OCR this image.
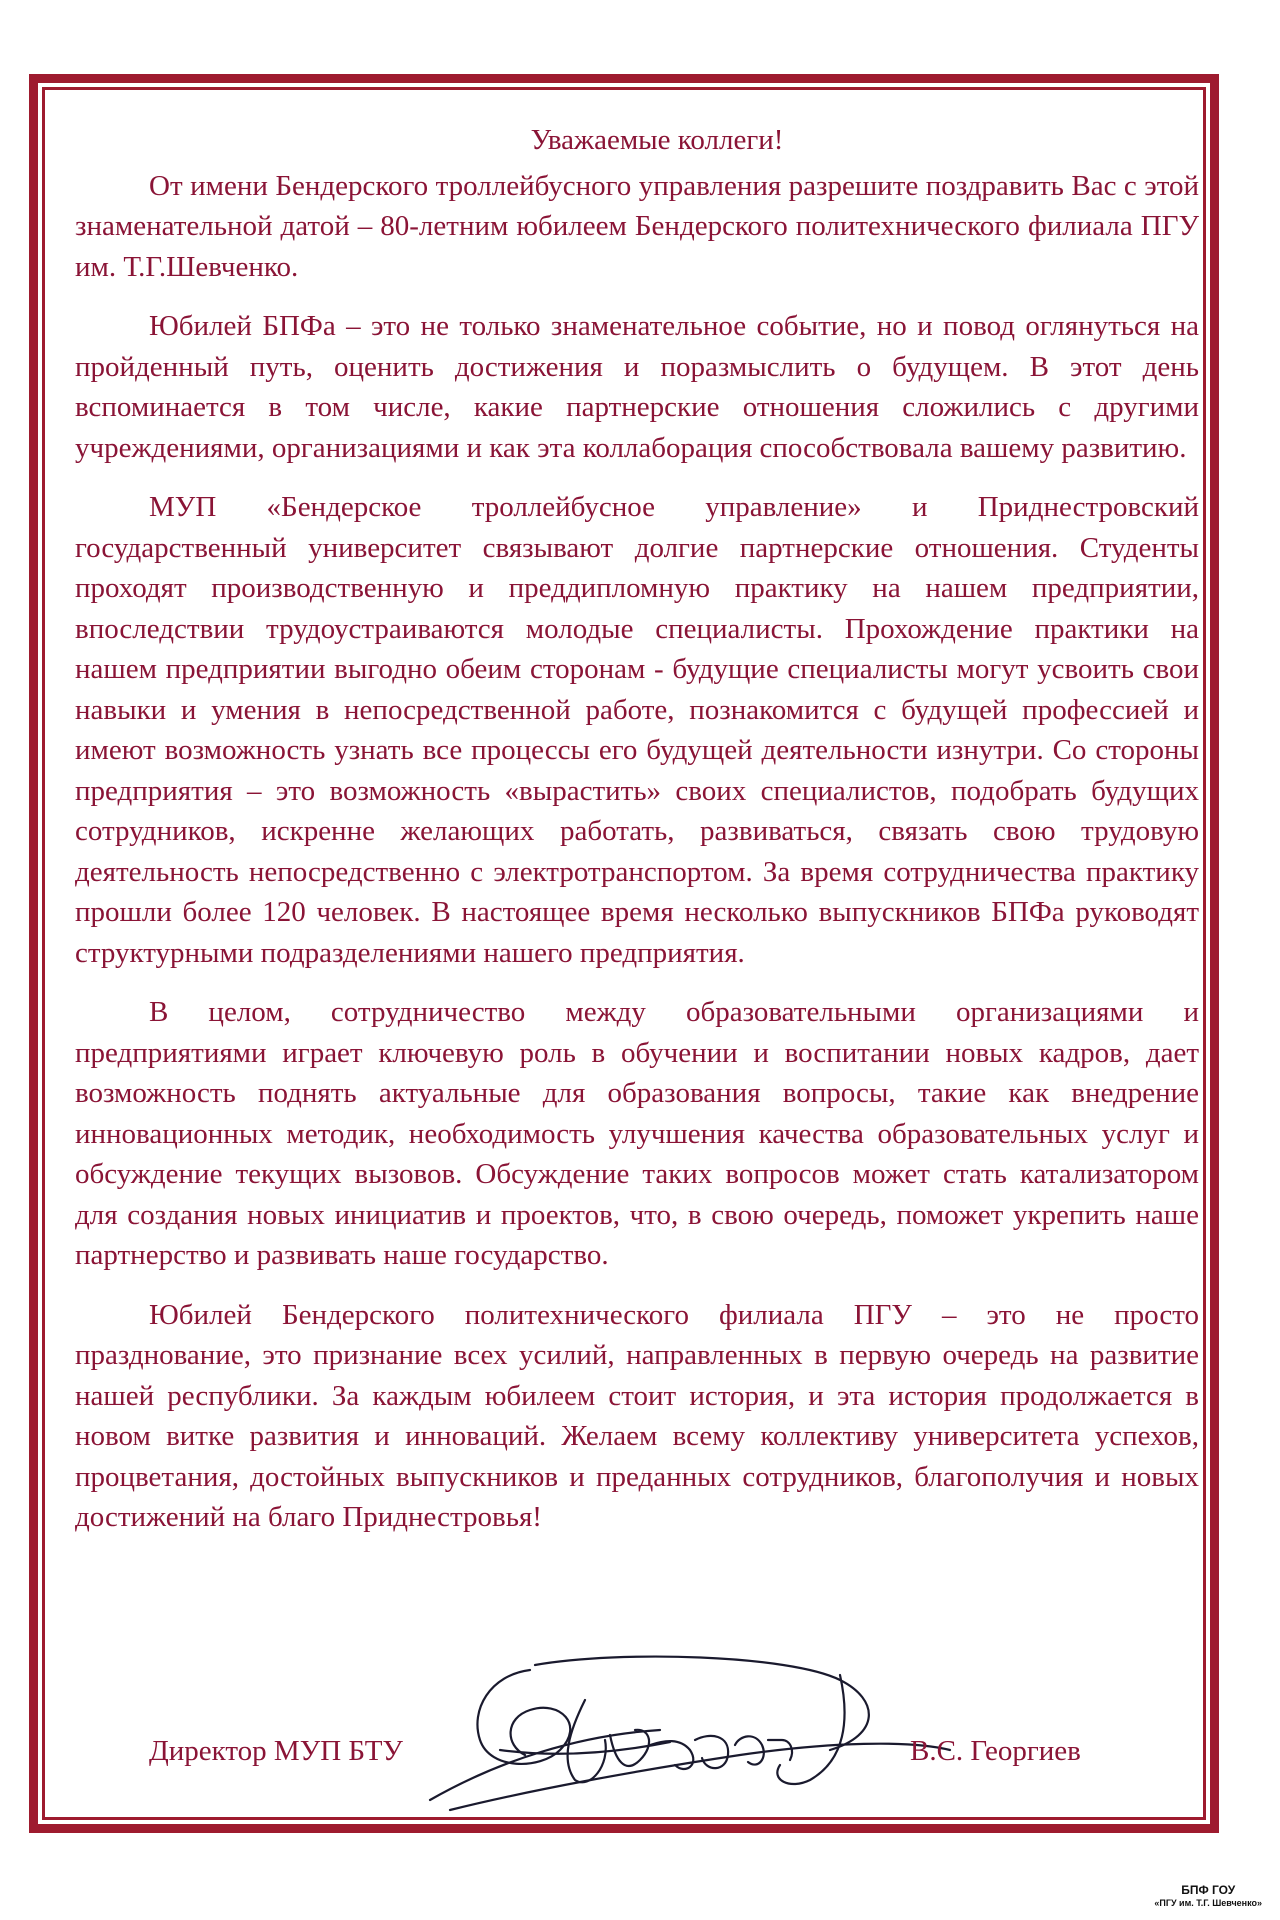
Уважаемые коллеги!

От имени Бендерского троллейбусного управления разрешите поздравить Вас с этой знаменательной датой – 80-летним юбилеем Бендерского политехнического филиала ПГУ им. Т.Г.Шевченко.

Юбилей БПФа – это не только знаменательное событие, но и повод оглянуться на пройденный путь, оценить достижения и поразмыслить о будущем. В этот день вспоминается в том числе, какие партнерские отношения сложились с другими учреждениями, организациями и как эта коллаборация способствовала вашему развитию.

МУП «Бендерское троллейбусное управление» и Приднестровский государственный университет связывают долгие партнерские отношения. Студенты проходят производственную и преддипломную практику на нашем предприятии, впоследствии трудоустраиваются молодые специалисты. Прохождение практики на нашем предприятии выгодно обеим сторонам - будущие специалисты могут усвоить свои навыки и умения в непосредственной работе, познакомится с будущей профессией и имеют возможность узнать все процессы его будущей деятельности изнутри. Со стороны предприятия – это возможность «вырастить» своих специалистов, подобрать будущих сотрудников, искренне желающих работать, развиваться, связать свою трудовую деятельность непосредственно с электротранспортом. За время сотрудничества практику прошли более 120 человек. В настоящее время несколько выпускников БПФа руководят структурными подразделениями нашего предприятия.

В целом, сотрудничество между образовательными организациями и предприятиями играет ключевую роль в обучении и воспитании новых кадров, дает возможность поднять актуальные для образования вопросы, такие как внедрение инновационных методик, необходимость улучшения качества образовательных услуг и обсуждение текущих вызовов. Обсуждение таких вопросов может стать катализатором для создания новых инициатив и проектов, что, в свою очередь, поможет укрепить наше партнерство и развивать наше государство.

Юбилей Бендерского политехнического филиала ПГУ – это не просто празднование, это признание всех усилий, направленных в первую очередь на развитие нашей республики. За каждым юбилеем стоит история, и эта история продолжается в новом витке развития и инноваций. Желаем всему коллективу университета успехов, процветания, достойных выпускников и преданных сотрудников, благополучия и новых достижений на благо Приднестровья!

Директор МУП БТУ	В.С. Георгиев
БПФ ГОУ
«ПГУ им. Т.Г. Шевченко»
